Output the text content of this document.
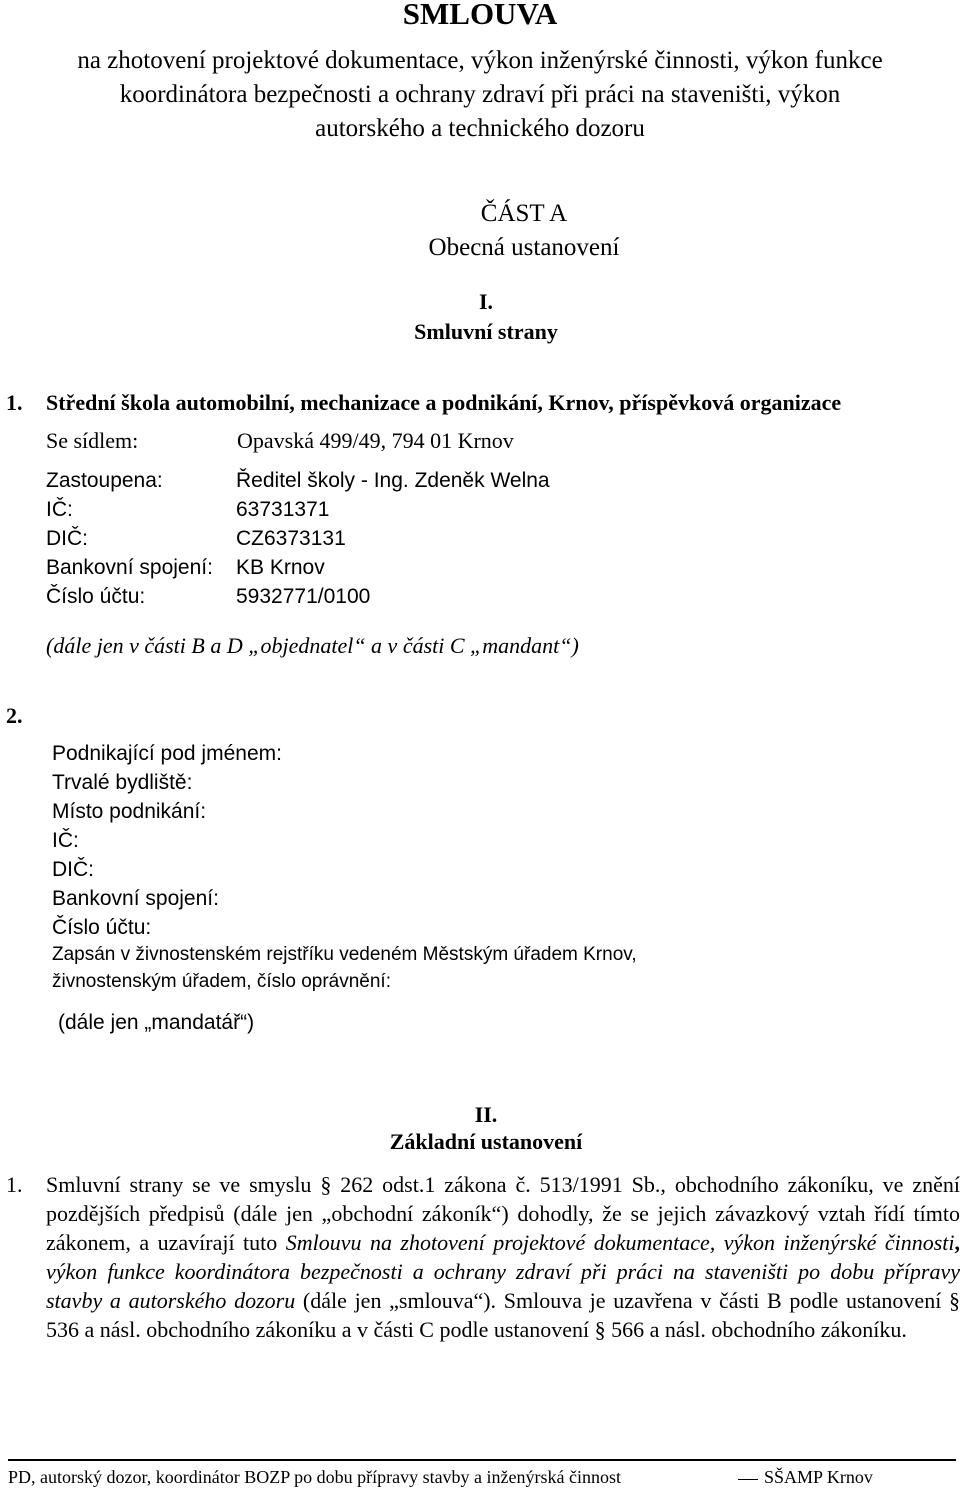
SMLOUVA
na zhotovení projektové dokumentace, výkon inženýrské činnosti, výkon funkce
koordinátora bezpečnosti a ochrany zdraví při práci na staveništi, výkon
autorského a technického dozoru
ČÁST A
Obecná ustanovení
I.
Smluvní strany
1. Střední škola automobilní, mechanizace a podnikání, Krnov, příspěvková organizace
Se sídlem:	Opavská 499/49, 794 01 Krnov
Zastoupena:	Ředitel školy - Ing. Zdeněk Welna
IČ:	63731371
DIČ:	CZ6373131
Bankovní spojení: KB Krnov
Číslo účtu:	5932771/0100
(dále jen v části B a D „objednatel“ a v části C „mandant“)
2.
Podnikající pod jménem:
Trvalé bydliště:
Místo podnikání:
IČ:
DIČ:
Bankovní spojení:
Číslo účtu:
Zapsán v živnostenském rejstříku vedeném Městským úřadem Krnov,
živnostenským úřadem, číslo oprávnění:
(dále jen „mandatář“)
II.
Základní ustanovení
1. Smluvní strany se ve smyslu § 262 odst.1 zákona č. 513/1991 Sb., obchodního zákoníku, ve znění pozdějších předpisů (dále jen „obchodní zákoník“) dohodly, že se jejich závazkový vztah řídí tímto zákonem, a uzavírají tuto Smlouvu na zhotovení projektové dokumentace, výkon inženýrské činnosti, výkon funkce koordinátora bezpečnosti a ochrany zdraví při práci na staveništi po dobu přípravy stavby a autorského dozoru (dále jen „smlouva“). Smlouva je uzavřena v části B podle ustanovení § 536 a násl. obchodního zákoníku a v části C podle ustanovení § 566 a násl. obchodního zákoníku.
PD, autorský dozor, koordinátor BOZP po dobu přípravy stavby a inženýrská činnost	SŠAMP Krnov
